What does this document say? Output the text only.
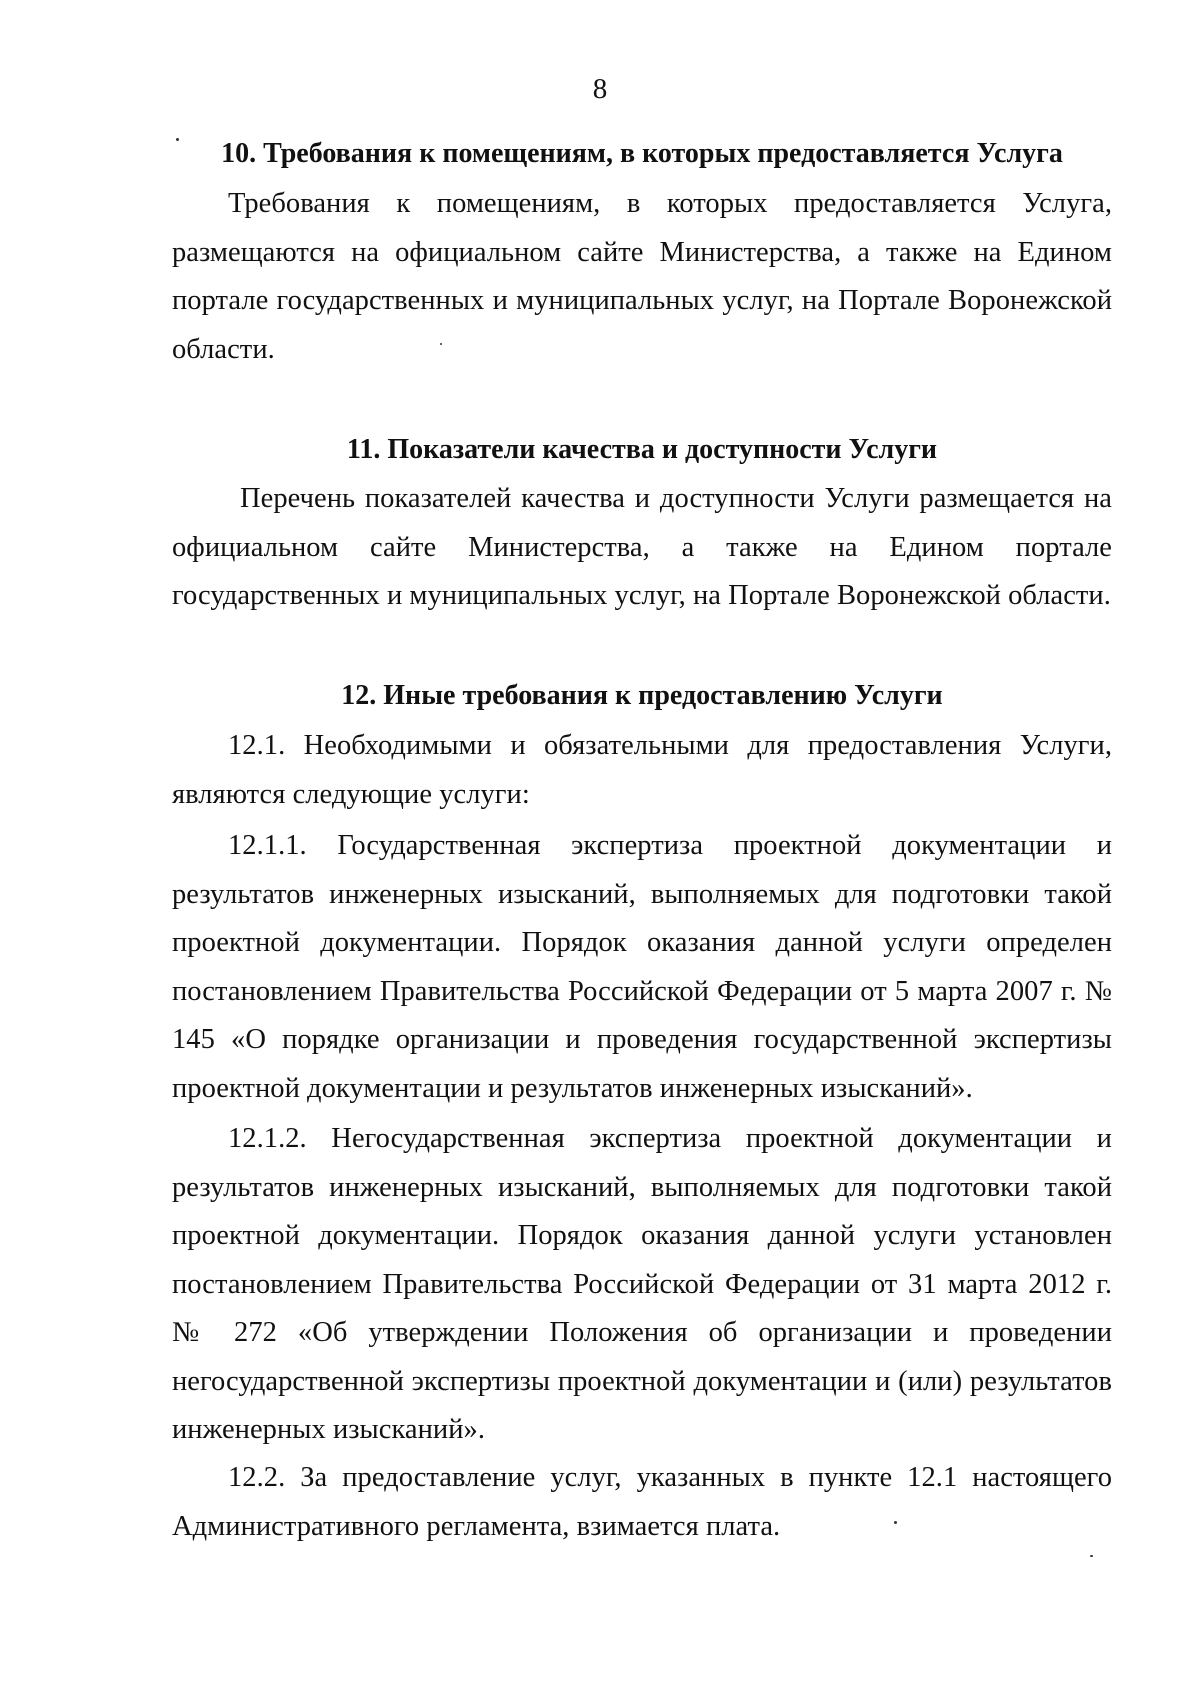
8
10. Требования к помещениям, в которых предоставляется Услуга

Требования к помещениям, в которых предоставляется Услуга, размещаются на официальном сайте Министерства, а также на Едином портале государственных и муниципальных услуг, на Портале Воронежской области.

11. Показатели качества и доступности Услуги

Перечень показателей качества и доступности Услуги размещается на официальном сайте Министерства, а также на Едином портале государственных и муниципальных услуг, на Портале Воронежской области.

12. Иные требования к предоставлению Услуги

12.1. Необходимыми и обязательными для предоставления Услуги, являются следующие услуги:

12.1.1. Государственная экспертиза проектной документации и результатов инженерных изысканий, выполняемых для подготовки такой проектной документации. Порядок оказания данной услуги определен постановлением Правительства Российской Федерации от 5 марта 2007 г. № 145 «О порядке организации и проведения государственной экспертизы проектной документации и результатов инженерных изысканий».

12.1.2. Негосударственная экспертиза проектной документации и результатов инженерных изысканий, выполняемых для подготовки такой проектной документации. Порядок оказания данной услуги установлен постановлением Правительства Российской Федерации от 31 марта 2012 г. № 272 «Об утверждении Положения об организации и проведении негосударственной экспертизы проектной документации и (или) результатов инженерных изысканий».

12.2. За предоставление услуг, указанных в пункте 12.1 настоящего Административного регламента, взимается плата.
